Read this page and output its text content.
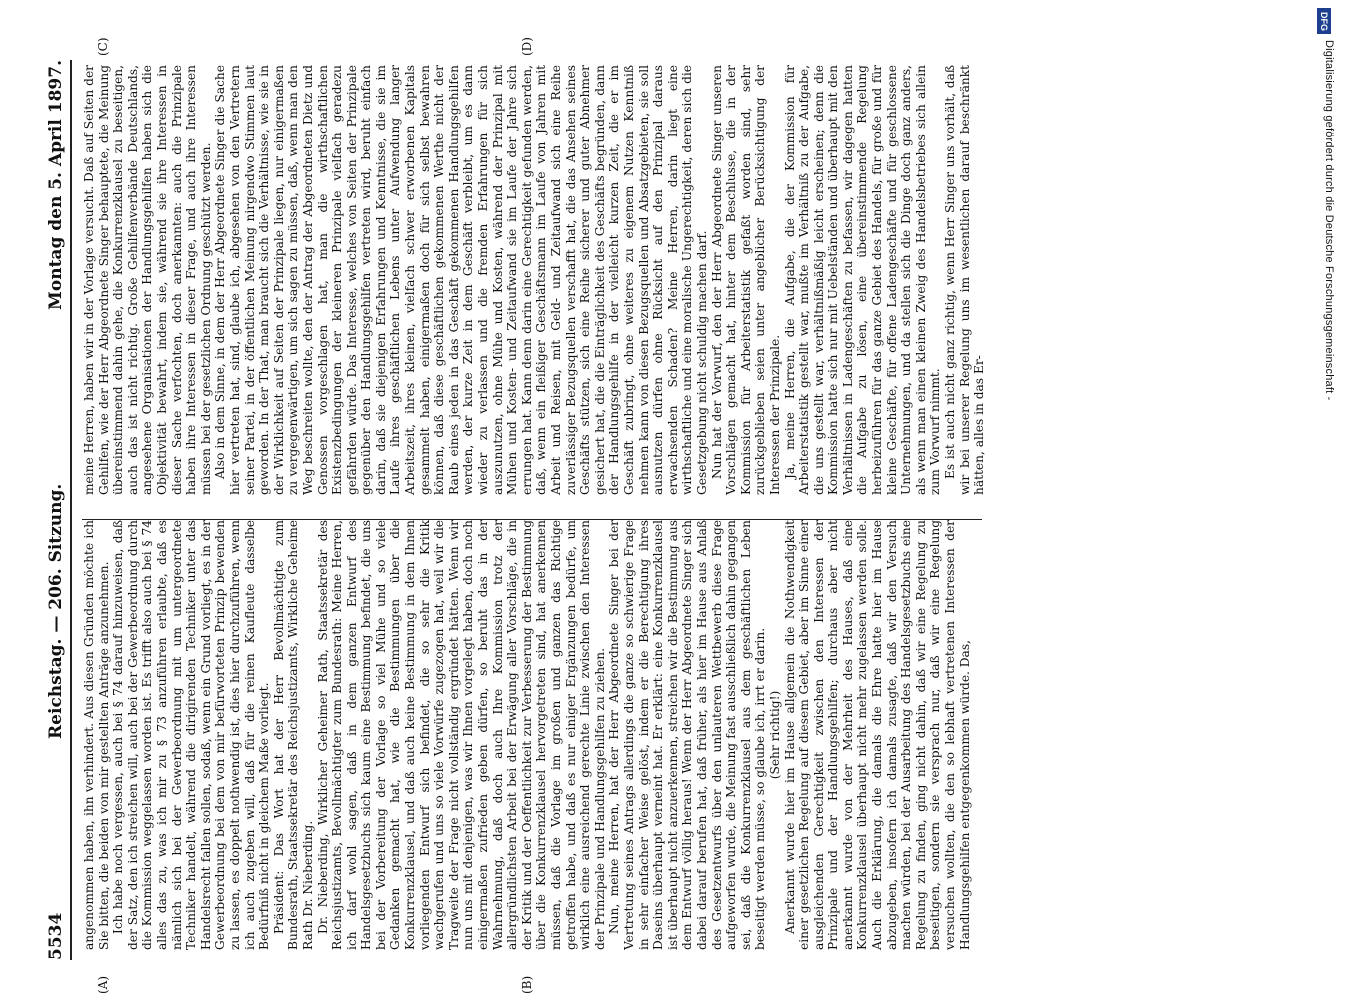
5534
Reichstag. — 206. Sitzung.
Montag den 5. April 1897.
(A)	(B)
(C)	(D)

angenommen haben, ihn verhindert. Aus diesen Gründen möchte ich Sie bitten, die beiden von mir gestellten Anträge anzunehmen. Ich habe noch vergessen, auch bei § 74 darauf hinzuweisen, daß der Satz, den ich streichen will, auch bei der Gewerbeordnung durch die Kommission weggelassen worden ist. Es trifft also auch bei § 74 alles das zu, was ich mir zu § 73 anzuführen erlaubte, daß es nämlich sich bei der Gewerbeordnung mit um untergeordnete Techniker handelt, während die dirigirenden Techniker unter das Handelsrecht fallen sollen, sodaß, wenn ein Grund vorliegt, es in der Gewerbeordnung bei dem von mir befürworteten Prinzip bewenden zu lassen, es doppelt nothwendig ist, dies hier durchzuführen, wenn ich auch zugeben will, daß für die reinen Kaufleute dasselbe Bedürfniß nicht in gleichem Maße vorliegt. Präsident: Das Wort hat der Herr Bevollmächtigte zum Bundesrath, Staatssekretär des Reichsjustizamts, Wirkliche Geheime Rath Dr. Nieberding. Dr. Nieberding, Wirklicher Geheimer Rath, Staatssekretär des Reichsjustizamts, Bevollmächtigter zum Bundesrath: Meine Herren, ich darf wohl sagen, daß in dem ganzen Entwurf des Handelsgesetzbuchs sich kaum eine Bestimmung befindet, die uns bei der Vorbereitung der Vorlage so viel Mühe und so viele Gedanken gemacht hat, wie die Bestimmungen über die Konkurrenzklausel, und daß auch keine Bestimmung in dem Ihnen vorliegenden Entwurf sich befindet, die so sehr die Kritik wachgerufen und uns so viele Vorwürfe zugezogen hat, weil wir die Tragweite der Frage nicht vollständig ergründet hätten. Wenn wir nun uns mit denjenigen, was wir Ihnen vorgelegt haben, doch noch einigermaßen zufrieden geben dürfen, so beruht das in der Wahrnehmung, daß doch auch Ihre Kommission trotz der allergründlichsten Arbeit bei der Erwägung aller Vorschläge, die in der Kritik und der Oeffentlichkeit zur Verbesserung der Bestimmung über die Konkurrenzklausel hervorgetreten sind, hat anerkennen müssen, daß die Vorlage im großen und ganzen das Richtige getroffen habe, und daß es nur einiger Ergänzungen bedürfe, um wirklich eine ausreichend gerechte Linie zwischen den Interessen der Prinzipale und Handlungsgehilfen zu ziehen. Nun, meine Herren, hat der Herr Abgeordnete Singer bei der Vertretung seines Antrags allerdings die ganze so schwierige Frage in sehr einfacher Weise gelöst, indem er die Berechtigung ihres Daseins überhaupt verneint hat. Er erklärt: eine Konkurrenzklausel ist überhaupt nicht anzuerkennen, streichen wir die Bestimmung aus dem Entwurf völlig heraus! Wenn der Herr Abgeordnete Singer sich dabei darauf berufen hat, daß früher, als hier im Hause aus Anlaß des Gesetzentwurfs über den unlauteren Wettbewerb diese Frage aufgeworfen wurde, die Meinung fast ausschließlich dahin gegangen sei, daß die Konkurrenzklausel aus dem geschäftlichen Leben beseitigt werden müsse, so glaube ich, irrt er darin. (Sehr richtig!) Anerkannt wurde hier im Hause allgemein die Nothwendigkeit einer gesetzlichen Regelung auf diesem Gebiet, aber im Sinne einer ausgleichenden Gerechtigkeit zwischen den Interessen der Prinzipale und der Handlungsgehilfen; durchaus aber nicht anerkannt wurde von der Mehrheit des Hauses, daß eine Konkurrenzklausel überhaupt nicht mehr zugelassen werden solle. Auch die Erklärung, die damals die Ehre hatte hier im Hause abzugeben, insofern ich damals zusagte, daß wir den Versuch machen würden, bei der Ausarbeitung des Handelsgesetzbuchs eine Regelung zu finden, ging nicht dahin, daß wir eine Regelung zu beseitigen, sondern sie versprach nur, daß wir eine Regelung versuchen wollten, die den so lebhaft vertretenen Interessen der Handlungsgehilfen entgegenkommen würde. Das,

meine Herren, haben wir in der Vorlage versucht. Daß auf Seiten der Gehilfen, wie der Herr Abgeordnete Singer behauptete, die Meinung übereinstimmend dahin gehe, die Konkurrenzklausel zu beseitigen, auch das ist nicht richtig. Große Gehilfenverbände Deutschlands, angesehene Organisationen der Handlungsgehilfen haben sich die Objektivität bewahrt, indem sie, während sie ihre Interessen in dieser Sache verfochten, doch anerkannten: auch die Prinzipale haben ihre Interessen in dieser Frage, und auch ihre Interessen müssen bei der gesetzlichen Ordnung geschützt werden. Also in dem Sinne, in dem der Herr Abgeordnete Singer die Sache hier vertreten hat, sind, glaube ich, abgesehen von den Vertretern seiner Partei, in der öffentlichen Meinung nirgendwo Stimmen laut geworden. In der That, man braucht sich die Verhältnisse, wie sie in der Wirklichkeit auf Seiten der Prinzipale liegen, nur einigermaßen zu vergegenwärtigen, um sich sagen zu müssen, daß, wenn man den Weg beschreiten wollte, den der Antrag der Abgeordneten Dietz und Genossen vorgeschlagen hat, man die wirthschaftlichen Existenzbedingungen der kleineren Prinzipale vielfach geradezu gefährden würde. Das Interesse, welches von Seiten der Prinzipale gegenüber den Handlungsgehilfen vertreten wird, beruht einfach darin, daß sie diejenigen Erfahrungen und Kenntnisse, die sie im Laufe ihres geschäftlichen Lebens unter Aufwendung langer Arbeitszeit, ihres kleinen, vielfach schwer erworbenen Kapitals gesammelt haben, einigermaßen doch für sich selbst bewahren können, daß diese geschäftlichen gekommenen Werthe nicht der Raub eines jeden in das Geschäft gekommenen Handlungsgehilfen werden, der kurze Zeit in dem Geschäft verbleibt, um es dann wieder zu verlassen und die fremden Erfahrungen für sich auszunutzen, ohne Mühe und Kosten, während der Prinzipal mit Mühen und Kosten- und Zeitaufwand sie im Laufe der Jahre sich errungen hat. Kann denn darin eine Gerechtigkeit gefunden werden, daß, wenn ein fleißiger Geschäftsmann im Laufe von Jahren mit Arbeit und Reisen, mit Geld- und Zeitaufwand sich eine Reihe zuverlässiger Bezugsquellen verschafft hat, die das Ansehen seines Geschäfts stützen, sich eine Reihe sicherer und guter Abnehmer gesichert hat, die die Einträglichkeit des Geschäfts begründen, dann der Handlungsgehilfe in der vielleicht kurzen Zeit, die er im Geschäft zubringt, ohne weiteres zu eigenem Nutzen Kenntniß nehmen kann von diesen Bezugsquellen und Absatzgebieten, sie soll ausnutzen dürfen ohne Rücksicht auf den Prinzipal daraus erwachsenden Schaden? Meine Herren, darin liegt eine wirthschaftliche und eine moralische Ungerechtigkeit, deren sich die Gesetzgebung nicht schuldig machen darf. Nun hat der Vorwurf, den der Herr Abgeordnete Singer unseren Vorschlägen gemacht hat, hinter dem Beschlusse, die in der Kommission für Arbeiterstatistik gefaßt worden sind, sehr zurückgeblieben seien unter angeblicher Berücksichtigung der Interessen der Prinzipale. Ja, meine Herren, die Aufgabe, die der Kommission für Arbeiterstatistik gestellt war, mußte im Verhältniß zu der Aufgabe, die uns gestellt war, verhältnißmäßig leicht erscheinen; denn die Kommission hatte sich nur mit Uebelständen und überhaupt mit den Verhältnissen in Ladengeschäften zu befassen, wir dagegen hatten die Aufgabe zu lösen, eine übereinstimmende Regelung herbeizuführen für das ganze Gebiet des Handels, für große und für kleine Geschäfte, für offene Ladengeschäfte und für geschlossene Unternehmungen, und da stellen sich die Dinge doch ganz anders, als wenn man einen kleinen Zweig des Handelsbetriebes sich allein zum Vorwurf nimmt. Es ist auch nicht ganz richtig, wenn Herr Singer uns vorhält, daß wir bei unserer Regelung uns im wesentlichen darauf beschränkt hätten, alles in das Er-

DFG
Digitalisierung gefördert durch die Deutsche Forschungsgemeinschaft -
